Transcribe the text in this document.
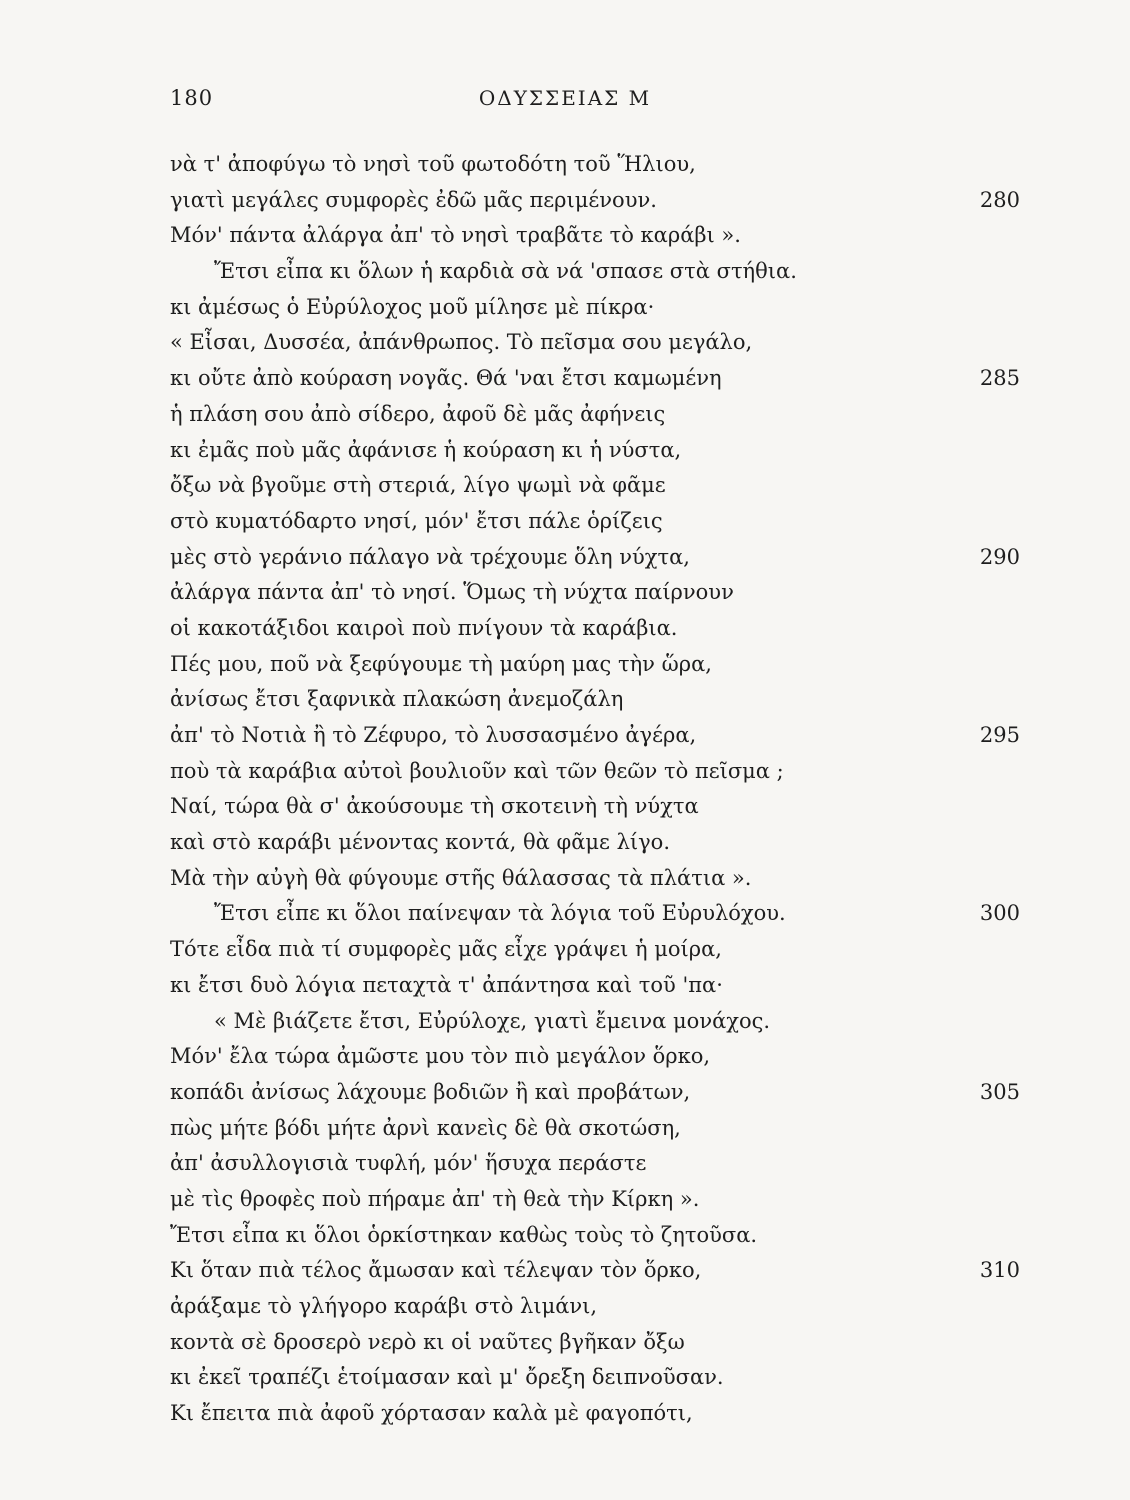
180	ΟΔΥΣΣΕΙΑΣ Μ
νὰ τ' ἀποφύγω τὸ νησὶ τοῦ φωτοδότη τοῦ Ἥλιου,
γιατὶ μεγάλες συμφορὲς ἐδῶ μᾶς περιμένουν.	280
Μόν' πάντα ἀλάργα ἀπ' τὸ νησὶ τραβᾶτε τὸ καράβι ».
Ἔτσι εἶπα κι ὅλων ἡ καρδιὰ σὰ νά 'σπασε στὰ στήθια.
κι ἀμέσως ὁ Εὐρύλοχος μοῦ μίλησε μὲ πίκρα·
« Εἶσαι, Δυσσέα, ἀπάνθρωπος. Τὸ πεῖσμα σου μεγάλο,
κι οὔτε ἀπὸ κούραση νογᾶς. Θά 'ναι ἔτσι καμωμένη	285
ἡ πλάση σου ἀπὸ σίδερο, ἀφοῦ δὲ μᾶς ἀφήνεις
κι ἐμᾶς ποὺ μᾶς ἀφάνισε ἡ κούραση κι ἡ νύστα,
ὄξω νὰ βγοῦμε στὴ στεριά, λίγο ψωμὶ νὰ φᾶμε
στὸ κυματόδαρτο νησί, μόν' ἔτσι πάλε ὁρίζεις
μὲς στὸ γεράνιο πάλαγο νὰ τρέχουμε ὅλη νύχτα,	290
ἀλάργα πάντα ἀπ' τὸ νησί. Ὅμως τὴ νύχτα παίρνουν
οἱ κακοτάξιδοι καιροὶ ποὺ πνίγουν τὰ καράβια.
Πές μου, ποῦ νὰ ξεφύγουμε τὴ μαύρη μας τὴν ὥρα,
ἀνίσως ἔτσι ξαφνικὰ πλακώση ἀνεμοζάλη
ἀπ' τὸ Νοτιὰ ἢ τὸ Ζέφυρο, τὸ λυσσασμένο ἀγέρα,	295
ποὺ τὰ καράβια αὐτοὶ βουλιοῦν καὶ τῶν θεῶν τὸ πεῖσμα ;
Ναί, τώρα θὰ σ' ἀκούσουμε τὴ σκοτεινὴ τὴ νύχτα
καὶ στὸ καράβι μένοντας κοντά, θὰ φᾶμε λίγο.
Μὰ τὴν αὐγὴ θὰ φύγουμε στῆς θάλασσας τὰ πλάτια ».
Ἔτσι εἶπε κι ὅλοι παίνεψαν τὰ λόγια τοῦ Εὐρυλόχου.	300
Τότε εἶδα πιὰ τί συμφορὲς μᾶς εἶχε γράψει ἡ μοίρα,
κι ἔτσι δυὸ λόγια πεταχτὰ τ' ἀπάντησα καὶ τοῦ 'πα·
« Μὲ βιάζετε ἔτσι, Εὐρύλοχε, γιατὶ ἔμεινα μονάχος.
Μόν' ἔλα τώρα ἀμῶστε μου τὸν πιὸ μεγάλον ὅρκο,
κοπάδι ἀνίσως λάχουμε βοδιῶν ἢ καὶ προβάτων,	305
πὼς μήτε βόδι μήτε ἀρνὶ κανεὶς δὲ θὰ σκοτώση,
ἀπ' ἀσυλλογισιὰ τυφλή, μόν' ἥσυχα περάστε
μὲ τὶς θροφὲς ποὺ πήραμε ἀπ' τὴ θεὰ τὴν Κίρκη ».
Ἔτσι εἶπα κι ὅλοι ὁρκίστηκαν καθὼς τοὺς τὸ ζητοῦσα.
Κι ὅταν πιὰ τέλος ἄμωσαν καὶ τέλεψαν τὸν ὅρκο,	310
ἀράξαμε τὸ γλήγορο καράβι στὸ λιμάνι,
κοντὰ σὲ δροσερὸ νερὸ κι οἱ ναῦτες βγῆκαν ὄξω
κι ἐκεῖ τραπέζι ἑτοίμασαν καὶ μ' ὄρεξη δειπνοῦσαν.
Κι ἔπειτα πιὰ ἀφοῦ χόρτασαν καλὰ μὲ φαγοπότι,
